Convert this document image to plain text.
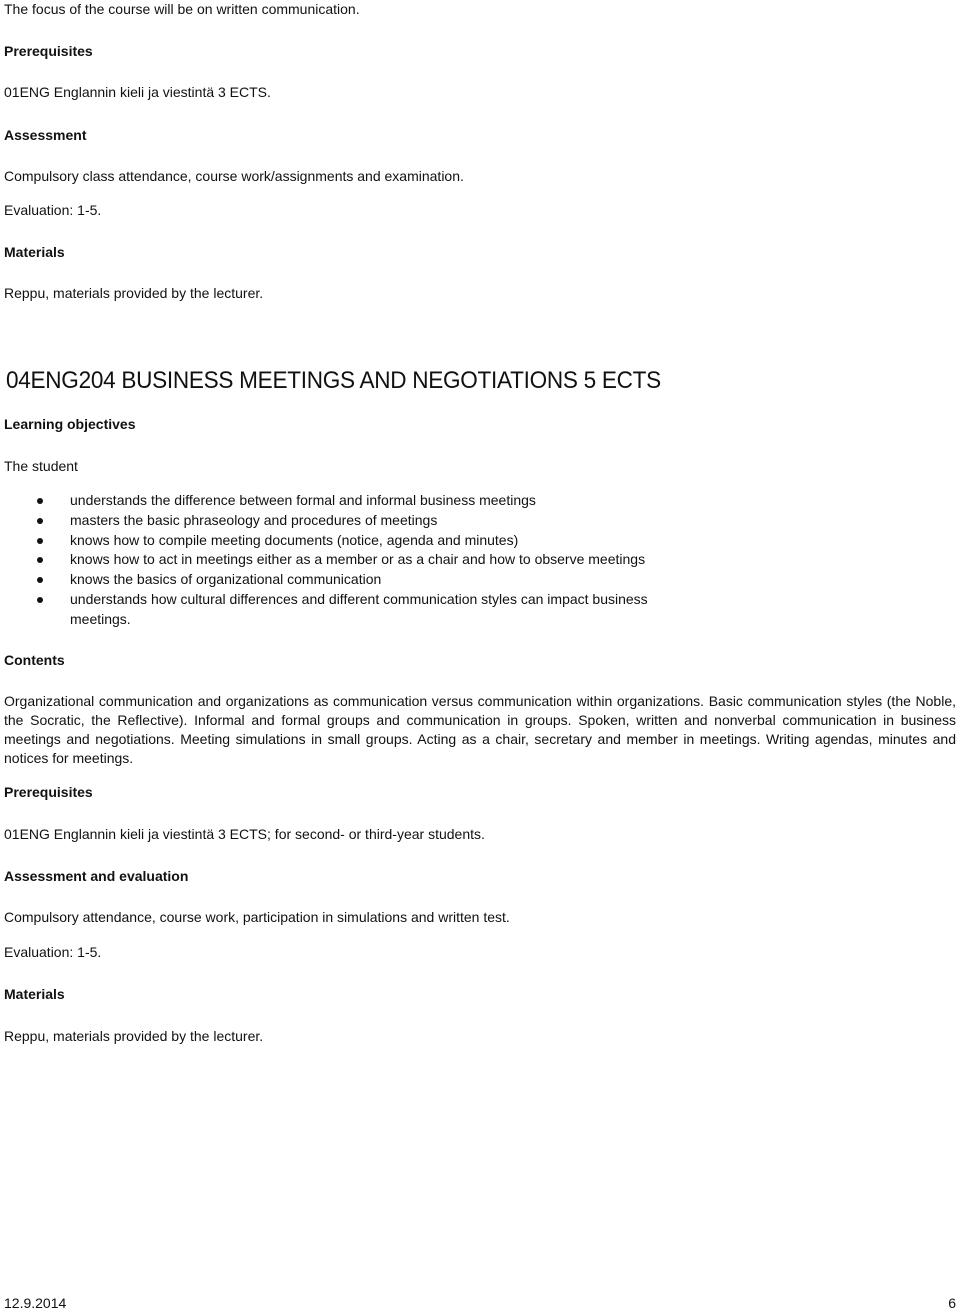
The focus of the course will be on written communication.
Prerequisites
01ENG Englannin kieli ja viestintä 3 ECTS.
Assessment
Compulsory class attendance, course work/assignments and examination.
Evaluation: 1-5.
Materials
Reppu, materials provided by the lecturer.
04ENG204 BUSINESS MEETINGS AND NEGOTIATIONS 5 ECTS
Learning objectives
The student
understands the difference between formal and informal business meetings
masters the basic phraseology and procedures of meetings
knows how to compile meeting documents (notice, agenda and minutes)
knows how to act in meetings either as a member or as a chair and how to observe meetings
knows the basics of organizational communication
understands how cultural differences and different communication styles can impact business meetings.
Contents
Organizational communication and organizations as communication versus communication within organizations. Basic communication styles (the Noble, the Socratic, the Reflective). Informal and formal groups and communication in groups. Spoken, written and nonverbal communication in business meetings and negotiations. Meeting simulations in small groups. Acting as a chair, secretary and member in meetings. Writing agendas, minutes and notices for meetings.
Prerequisites
01ENG Englannin kieli ja viestintä 3 ECTS; for second- or third-year students.
Assessment and evaluation
Compulsory attendance, course work, participation in simulations and written test.
Evaluation: 1-5.
Materials
Reppu, materials provided by the lecturer.
12.9.2014	6
